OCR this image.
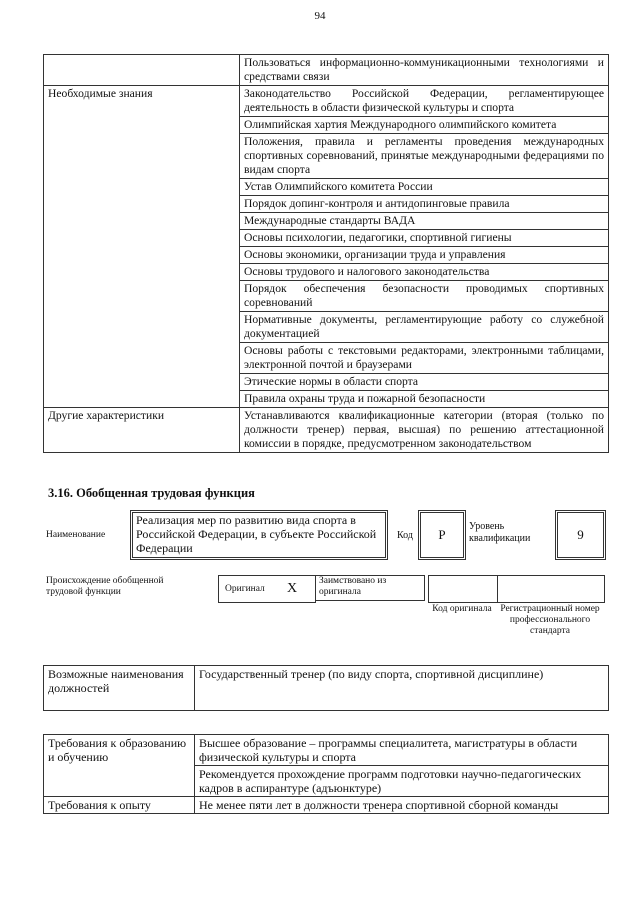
94
	Пользоваться информационно-коммуникационными технологиями и средствами связи
Необходимые знания	Законодательство Российской Федерации, регламентирующее деятельность в области физической культуры и спорта
	Олимпийская хартия Международного олимпийского комитета
	Положения, правила и регламенты проведения международных спортивных соревнований, принятые международными федерациями по видам спорта
	Устав Олимпийского комитета России
	Порядок допинг-контроля и антидопинговые правила
	Международные стандарты ВАДА
	Основы психологии, педагогики, спортивной гигиены
	Основы экономики, организации труда и управления
	Основы трудового и налогового законодательства
	Порядок обеспечения безопасности проводимых спортивных соревнований
	Нормативные документы, регламентирующие работу со служебной документацией
	Основы работы с текстовыми редакторами, электронными таблицами, электронной почтой и браузерами
	Этические нормы в области спорта
	Правила охраны труда и пожарной безопасности
Другие характеристики	Устанавливаются квалификационные категории (вторая (только по должности тренер) первая, высшая) по решению аттестационной комиссии в порядке, предусмотренном законодательством
3.16. Обобщенная трудовая функция
Наименование
Реализация мер по развитию вида спорта в Российской Федерации, в субъекте Российской Федерации
Код	Р
Уровень квалификации	9
Происхождение обобщенной трудовой функции	Оригинал X	Заимствовано из оригинала
Код оригинала Регистрационный номер профессионального стандарта
Возможные наименования должностей	Государственный тренер (по виду спорта, спортивной дисциплине)
Требования к образованию и обучению	Высшее образование – программы специалитета, магистратуры в области физической культуры и спорта
	Рекомендуется прохождение программ подготовки научно-педагогических кадров в аспирантуре (адъюнктуре)
Требования к опыту	Не менее пяти лет в должности тренера спортивной сборной команды
